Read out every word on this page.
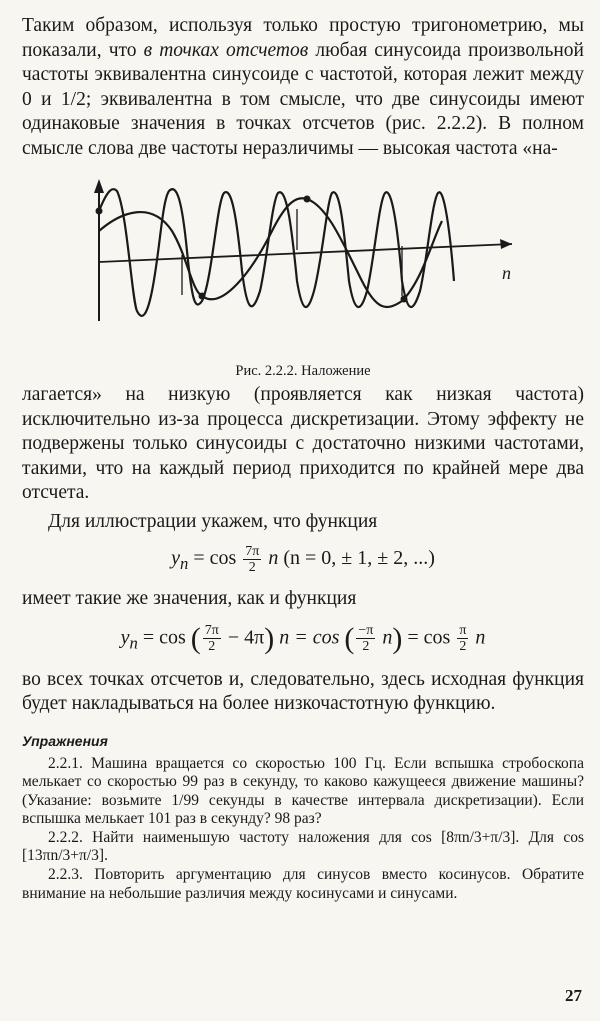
Таким образом, используя только простую тригонометрию, мы показали, что в точках отсчетов любая синусоида произвольной частоты эквивалентна синусоиде с частотой, которая лежит между 0 и 1/2; эквивалентна в том смысле, что две синусоиды имеют одинаковые значения в точках отсчетов (рис. 2.2.2). В полном смысле слова две частоты неразличимы — высокая частота «на-

n
Рис. 2.2.2. Наложение

лагается» на низкую (проявляется как низкая частота) исключительно из-за процесса дискретизации. Этому эффекту не подвержены только синусоиды с достаточно низкими частотами, такими, что на каждый период приходится по крайней мере два отсчета.

Для иллюстрации укажем, что функция

$y_n = \cos \frac{7\pi}{2}$ n (n = 0, ± 1, ± 2, ...)

имеет такие же значения, как и функция

$y_n = \cos$ ( $\frac{7\pi}{2} - 4\pi$) n = cos ( $\frac{-\pi}{2} n) = \cos \frac{\pi}{2}$ n

во всех точках отсчетов и, следовательно, здесь исходная функция будет накладываться на более низкочастотную функцию.

Упражнения

2.2.1. Машина вращается со скоростью 100 Гц. Если вспышка стробоскопа мелькает со скоростью 99 раз в секунду, то каково кажущееся движение машины? (Указание: возьмите 1/99 секунды в качестве интервала дискретизации). Если вспышка мелькает 101 раз в секунду? 98 раз?

2.2.2. Найти наименьшую частоту наложения для cos [8πn/3+π/3]. Для cos [13πn/3+π/3].

2.2.3. Повторить аргументацию для синусов вместо косинусов. Обратите внимание на небольшие различия между косинусами и синусами.

27
